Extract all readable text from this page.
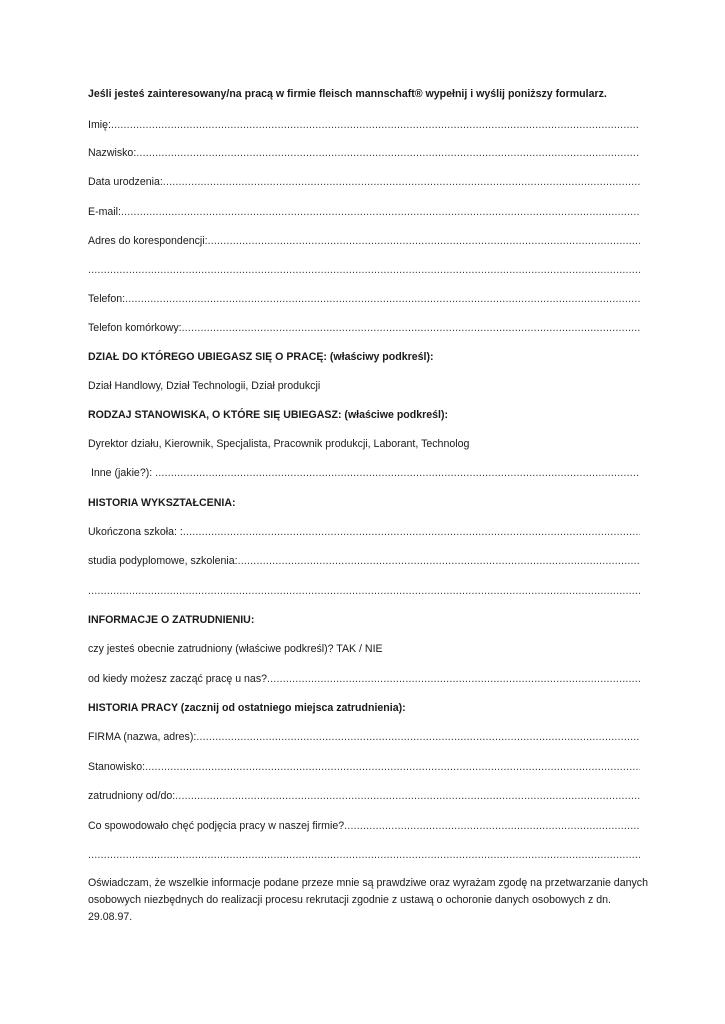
Jeśli jesteś zainteresowany/na pracą w firmie fleisch mannschaft® wypełnij i wyślij poniższy formularz.
Imię:
.....
Nazwisko:
.....
Data urodzenia:
.....
E-mail:
.....
Adres do korespondencji:
.....
.....
Telefon:
.....
Telefon komórkowy:
.....
DZIAŁ DO KTÓREGO UBIEGASZ SIĘ O PRACĘ: (właściwy podkreśl):
Dział Handlowy, Dział Technologii, Dział produkcji
RODZAJ STANOWISKA, O KTÓRE SIĘ UBIEGASZ: (właściwe podkreśl):
Dyrektor działu, Kierownik, Specjalista, Pracownik produkcji, Laborant, Technolog
Inne (jakie?):
.....
HISTORIA WYKSZTAŁCENIA:
Ukończona szkoła: :
.....
studia podyplomowe, szkolenia:
.....
.....
INFORMACJE O ZATRUDNIENIU:
czy jesteś obecnie zatrudniony (właściwe podkreśl)? TAK / NIE
od kiedy możesz zacząć pracę u nas?
.....
HISTORIA PRACY (zacznij od ostatniego miejsca zatrudnienia):
FIRMA (nazwa, adres):
.....
Stanowisko:
.....
zatrudniony od/do:
.....
Co spowodowało chęć podjęcia pracy w naszej firmie?
.....
.....
Oświadczam, że wszelkie informacje podane przeze mnie są prawdziwe oraz wyrażam zgodę na przetwarzanie danych osobowych niezbędnych do realizacji procesu rekrutacji zgodnie z ustawą o ochoronie danych osobowych z dn. 29.08.97.
